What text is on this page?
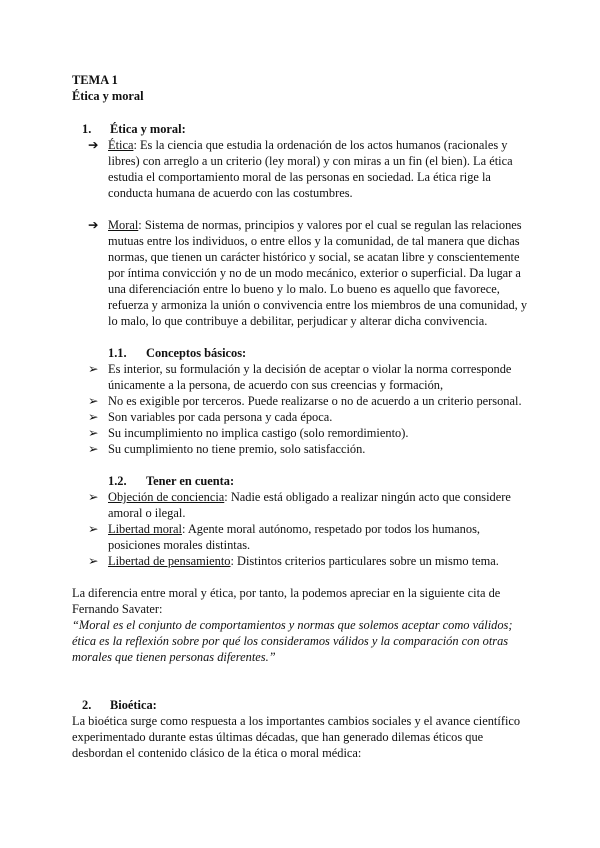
TEMA 1
Ética y moral
1. Ética y moral:
➔ Ética: Es la ciencia que estudia la ordenación de los actos humanos (racionales y libres) con arreglo a un criterio (ley moral) y con miras a un fin (el bien). La ética estudia el comportamiento moral de las personas en sociedad. La ética rige la conducta humana de acuerdo con las costumbres.
➔ Moral: Sistema de normas, principios y valores por el cual se regulan las relaciones mutuas entre los individuos, o entre ellos y la comunidad, de tal manera que dichas normas, que tienen un carácter histórico y social, se acatan libre y conscientemente por íntima convicción y no de un modo mecánico, exterior o superficial. Da lugar a una diferenciación entre lo bueno y lo malo. Lo bueno es aquello que favorece, refuerza y armoniza la unión o convivencia entre los miembros de una comunidad, y lo malo, lo que contribuye a debilitar, perjudicar y alterar dicha convivencia.
1.1. Conceptos básicos:
➢ Es interior, su formulación y la decisión de aceptar o violar la norma corresponde únicamente a la persona, de acuerdo con sus creencias y formación,
➢ No es exigible por terceros. Puede realizarse o no de acuerdo a un criterio personal.
➢ Son variables por cada persona y cada época.
➢ Su incumplimiento no implica castigo (solo remordimiento).
➢ Su cumplimiento no tiene premio, solo satisfacción.
1.2. Tener en cuenta:
➢ Objeción de conciencia: Nadie está obligado a realizar ningún acto que considere amoral o ilegal.
➢ Libertad moral: Agente moral autónomo, respetado por todos los humanos, posiciones morales distintas.
➢ Libertad de pensamiento: Distintos criterios particulares sobre un mismo tema.
La diferencia entre moral y ética, por tanto, la podemos apreciar en la siguiente cita de Fernando Savater:
“Moral es el conjunto de comportamientos y normas que solemos aceptar como válidos; ética es la reflexión sobre por qué los consideramos válidos y la comparación con otras morales que tienen personas diferentes.”
2. Bioética:
La bioética surge como respuesta a los importantes cambios sociales y el avance científico experimentado durante estas últimas décadas, que han generado dilemas éticos que desbordan el contenido clásico de la ética o moral médica:
